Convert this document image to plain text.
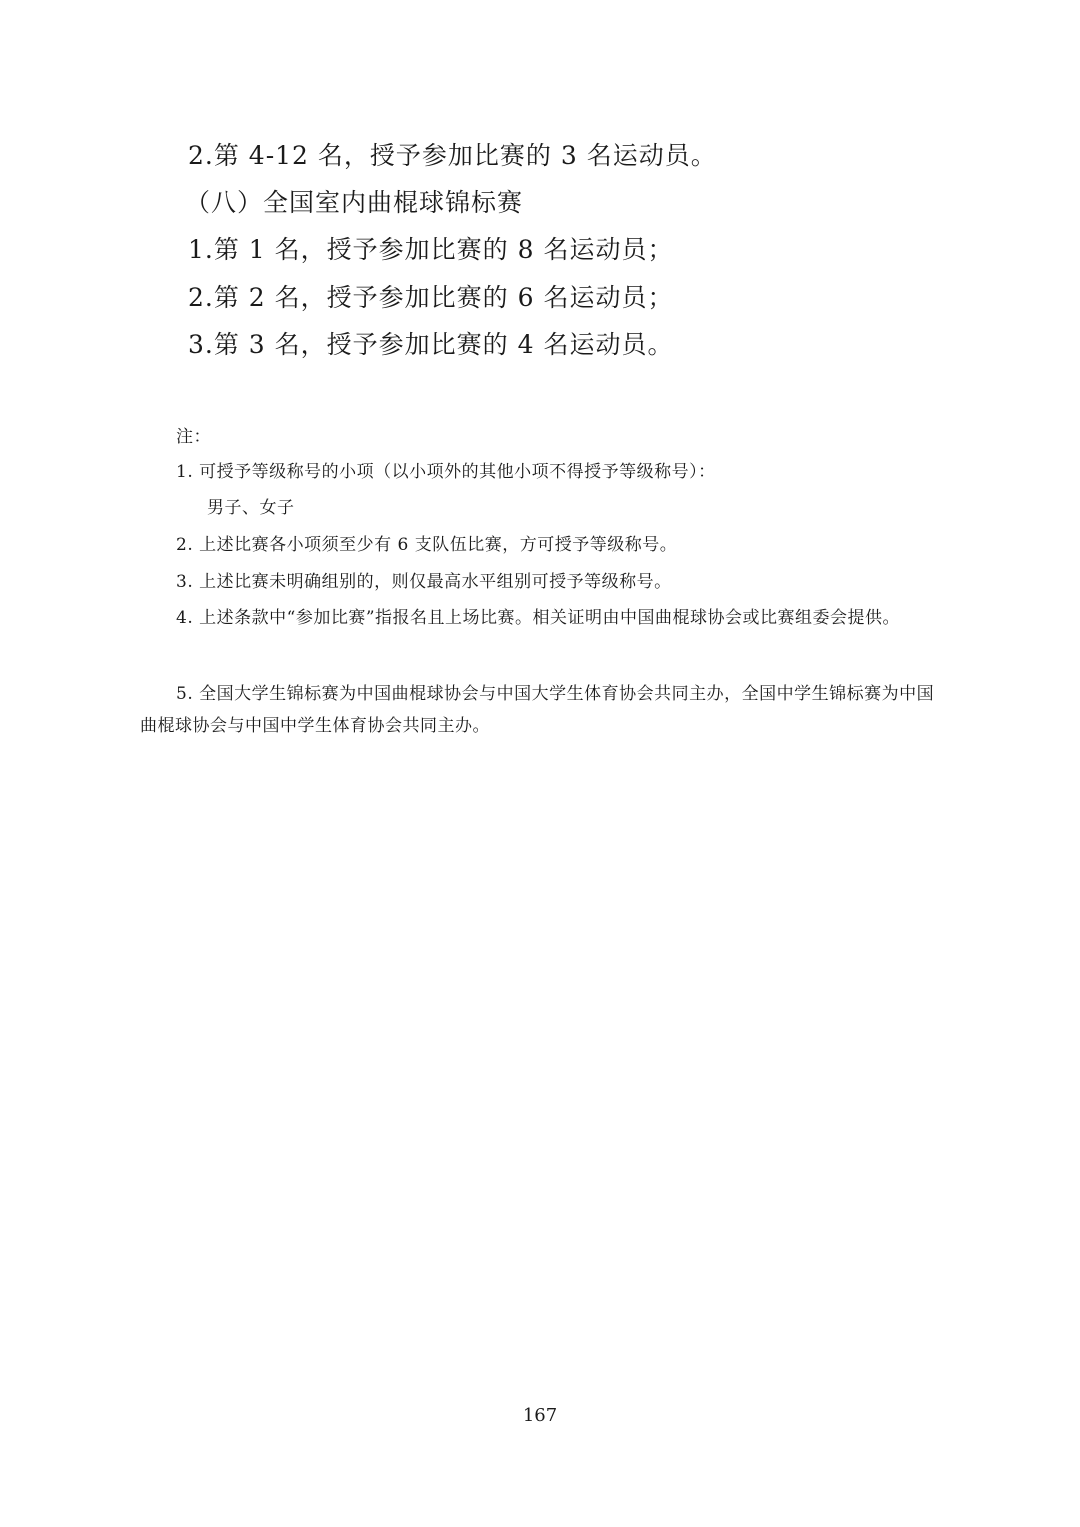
2.第 4-12 名，授予参加比赛的 3 名运动员。
（八）全国室内曲棍球锦标赛
1.第 1 名，授予参加比赛的 8 名运动员；
2.第 2 名，授予参加比赛的 6 名运动员；
3.第 3 名，授予参加比赛的 4 名运动员。
注：
1. 可授予等级称号的小项（以小项外的其他小项不得授予等级称号）：
男子、女子
2. 上述比赛各小项须至少有 6 支队伍比赛，方可授予等级称号。
3. 上述比赛未明确组别的，则仅最高水平组别可授予等级称号。
4. 上述条款中“参加比赛”指报名且上场比赛。相关证明由中国曲棍球协会或比赛组委会提供。
5. 全国大学生锦标赛为中国曲棍球协会与中国大学生体育协会共同主办，全国中学生锦标赛为中国曲棍球协会与中国中学生体育协会共同主办。
167
